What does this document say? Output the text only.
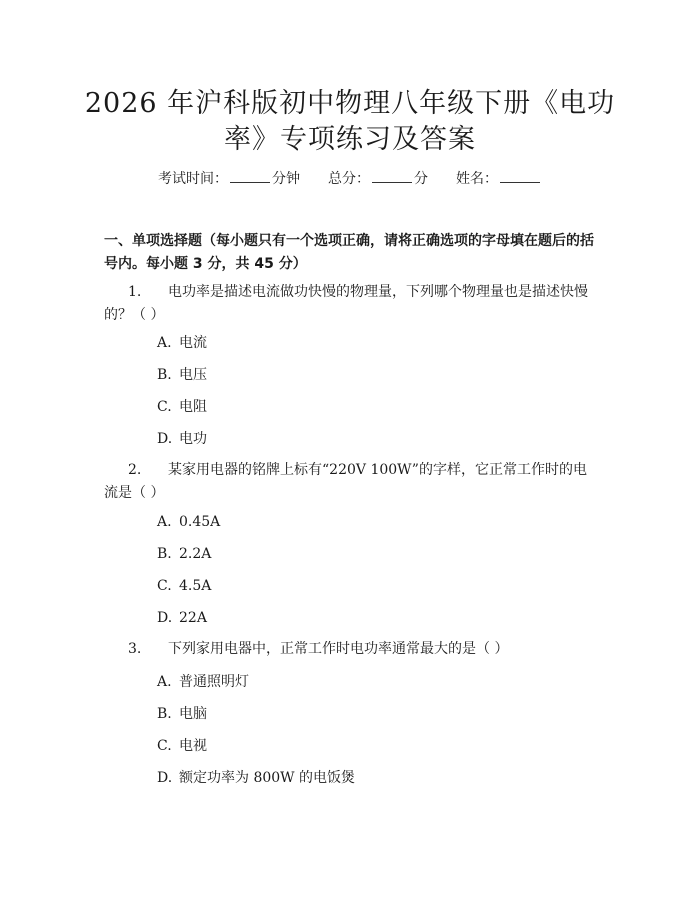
2026 年沪科版初中物理八年级下册《电功
率》专项练习及答案
考试时间：	分钟 总分：	分 姓名：
一、单项选择题（每小题只有一个选项正确，请将正确选项的字母填在题后的括号内。每小题 3 分，共 45 分）
1. 电功率是描述电流做功快慢的物理量，下列哪个物理量也是描述快慢的？（ ）
A. 电流
B. 电压
C. 电阻
D. 电功
2. 某家用电器的铭牌上标有“220V 100W”的字样，它正常工作时的电流是（ ）
A. 0.45A
B. 2.2A
C. 4.5A
D. 22A
3. 下列家用电器中，正常工作时电功率通常最大的是（ ）
A. 普通照明灯
B. 电脑
C. 电视
D. 额定功率为 800W 的电饭煲
